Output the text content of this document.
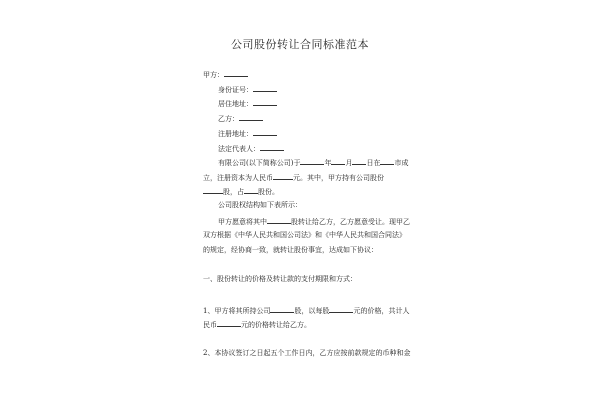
公司股份转让合同标准范本
甲方：
身份证号：
居住地址：
乙方：
注册地址：
法定代表人：
有限公司(以下简称公司)于	年 月 日在 市成
立，注册资本为人民币	元。其中，甲方持有公司股份
股，占 股份。
公司股权结构如下表所示：
甲方愿意将其中	股转让给乙方，乙方愿意受让。现甲乙
双方根据《中华人民共和国公司法》和《中华人民共和国合同法》
的规定，经协商一致，就转让股份事宜，达成如下协议：
一、股份转让的价格及转让款的支付期限和方式：
1、甲方将其所持公司	股，以每股	元的价格，共计人
民币	元的价格转让给乙方。
2、本协议签订之日起五个工作日内，乙方应按前款规定的币种和金
